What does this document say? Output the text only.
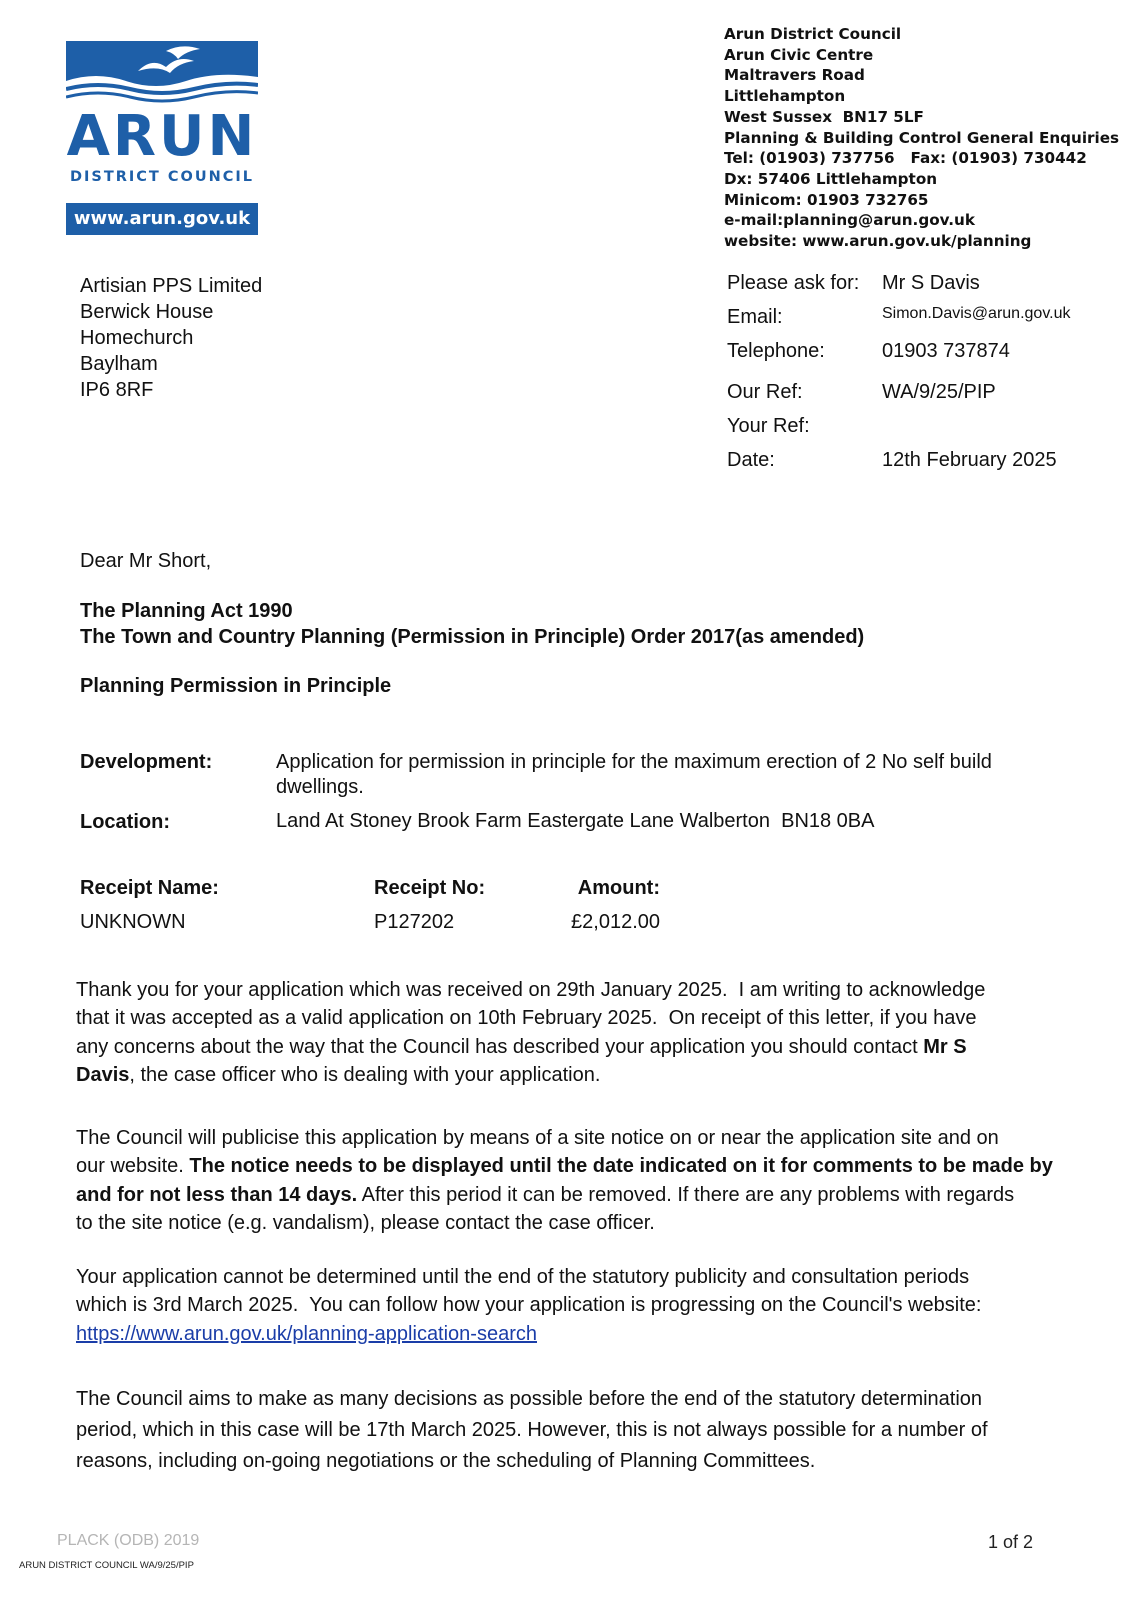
ARUN
DISTRICT COUNCIL
www.arun.gov.uk
Arun District Council
Arun Civic Centre
Maltravers Road
Littlehampton
West Sussex  BN17 5LF
Planning & Building Control General Enquiries
Tel: (01903) 737756   Fax: (01903) 730442
Dx: 57406 Littlehampton
Minicom: 01903 732765
e-mail:planning@arun.gov.uk
website: www.arun.gov.uk/planning
Artisian PPS Limited
Berwick House
Homechurch
Baylham
IP6 8RF
Please ask for: Mr S Davis
Email:	Simon.Davis@arun.gov.uk
Telephone:	01903 737874
Our Ref:	WA/9/25/PIP
Your Ref:
Date:	12th February 2025
Dear Mr Short,
The Planning Act 1990
The Town and Country Planning (Permission in Principle) Order 2017(as amended)
Planning Permission in Principle
Development:	Application for permission in principle for the maximum erection of 2 No self build
dwellings.
Location:	Land At Stoney Brook Farm Eastergate Lane Walberton  BN18 0BA
Receipt Name:	Receipt No:	Amount:
UNKNOWN	P127202	£2,012.00
Thank you for your application which was received on 29th January 2025.  I am writing to acknowledge
that it was accepted as a valid application on 10th February 2025.  On receipt of this letter, if you have
any concerns about the way that the Council has described your application you should contact Mr S
Davis, the case officer who is dealing with your application.
The Council will publicise this application by means of a site notice on or near the application site and on
our website. The notice needs to be displayed until the date indicated on it for comments to be made by
and for not less than 14 days. After this period it can be removed. If there are any problems with regards
to the site notice (e.g. vandalism), please contact the case officer.
Your application cannot be determined until the end of the statutory publicity and consultation periods
which is 3rd March 2025.  You can follow how your application is progressing on the Council's website:
https://www.arun.gov.uk/planning-application-search
The Council aims to make as many decisions as possible before the end of the statutory determination
period, which in this case will be 17th March 2025. However, this is not always possible for a number of
reasons, including on-going negotiations or the scheduling of Planning Committees.
PLACK (ODB) 2019
ARUN DISTRICT COUNCIL WA/9/25/PIP
1 of 2
